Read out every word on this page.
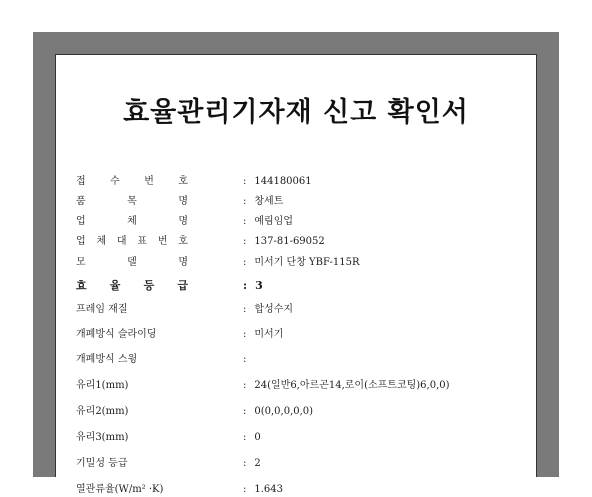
효율관리기자재 신고 확인서
접 수 번 호	: 144180061
품	목	명	: 창세트
업	체	명	: 예림임업
업 체 대 표 번 호	: 137-81-69052
모	델	명	: 미서기 단창 YBF-115R
효 율 등 급	: 3
프레임 재질	: 합성수지
개폐방식 슬라이딩	: 미서기
개폐방식 스윙	:
유리1(mm)	: 24(일반6,아르곤14,로이(소프트코팅)6,0,0)
유리2(mm)	: 0(0,0,0,0,0)
유리3(mm)	: 0
기밀성 등급	: 2
열관류율(W/m² ·K)	: 1.643
